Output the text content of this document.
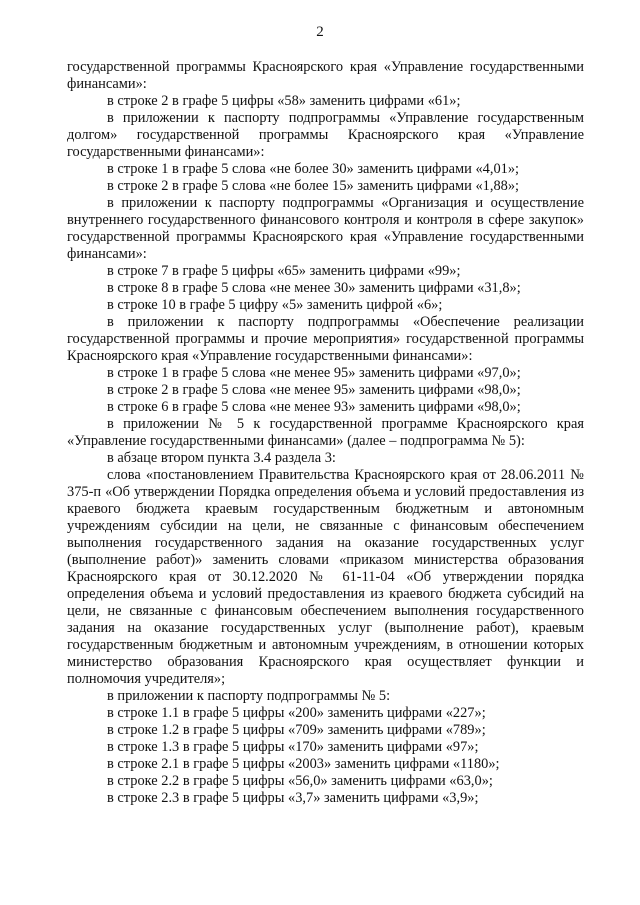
2

государственной программы Красноярского края «Управление государственными финансами»:

в строке 2 в графе 5 цифры «58» заменить цифрами «61»;

в приложении к паспорту подпрограммы «Управление государственным долгом» государственной программы Красноярского края «Управление государственными финансами»:

в строке 1 в графе 5 слова «не более 30» заменить цифрами «4,01»;

в строке 2 в графе 5 слова «не более 15» заменить цифрами «1,88»;

в приложении к паспорту подпрограммы «Организация и осуществление внутреннего государственного финансового контроля и контроля в сфере закупок» государственной программы Красноярского края «Управление государственными финансами»:

в строке 7 в графе 5 цифры «65» заменить цифрами «99»;

в строке 8 в графе 5 слова «не менее 30» заменить цифрами «31,8»;

в строке 10 в графе 5 цифру «5» заменить цифрой «6»;

в приложении к паспорту подпрограммы «Обеспечение реализации государственной программы и прочие мероприятия» государственной программы Красноярского края «Управление государственными финансами»:

в строке 1 в графе 5 слова «не менее 95» заменить цифрами «97,0»;

в строке 2 в графе 5 слова «не менее 95» заменить цифрами «98,0»;

в строке 6 в графе 5 слова «не менее 93» заменить цифрами «98,0»;

в приложении № 5 к государственной программе Красноярского края «Управление государственными финансами» (далее – подпрограмма № 5):

в абзаце втором пункта 3.4 раздела 3:

слова «постановлением Правительства Красноярского края от 28.06.2011 № 375-п «Об утверждении Порядка определения объема и условий предоставления из краевого бюджета краевым государственным бюджетным и автономным учреждениям субсидии на цели, не связанные с финансовым обеспечением выполнения государственного задания на оказание государственных услуг (выполнение работ)» заменить словами «приказом министерства образования Красноярского края от 30.12.2020 № 61-11-04 «Об утверждении порядка определения объема и условий предоставления из краевого бюджета субсидий на цели, не связанные с финансовым обеспечением выполнения государственного задания на оказание государственных услуг (выполнение работ), краевым государственным бюджетным и автономным учреждениям, в отношении которых министерство образования Красноярского края осуществляет функции и полномочия учредителя»;

в приложении к паспорту подпрограммы № 5:

в строке 1.1 в графе 5 цифры «200» заменить цифрами «227»;

в строке 1.2 в графе 5 цифры «709» заменить цифрами «789»;

в строке 1.3 в графе 5 цифры «170» заменить цифрами «97»;

в строке 2.1 в графе 5 цифры «2003» заменить цифрами «1180»;

в строке 2.2 в графе 5 цифры «56,0» заменить цифрами «63,0»;

в строке 2.3 в графе 5 цифры «3,7» заменить цифрами «3,9»;
